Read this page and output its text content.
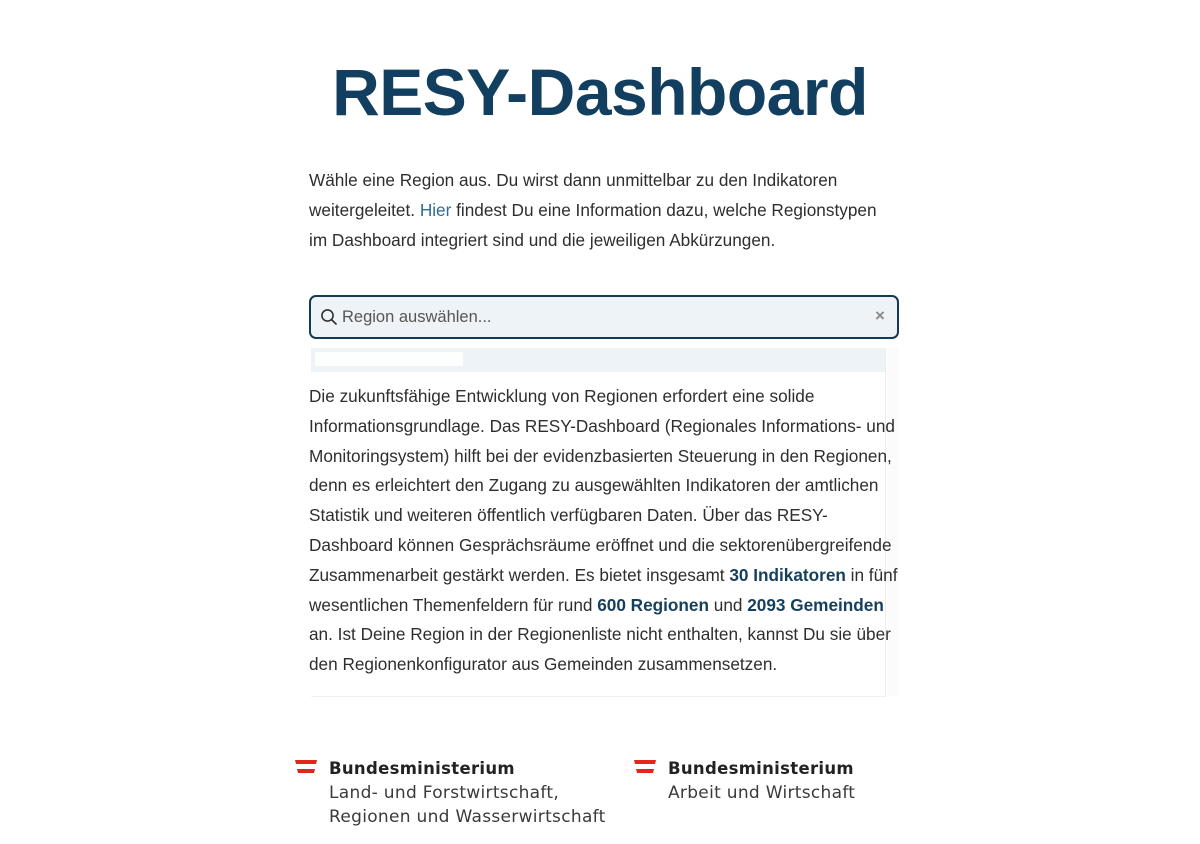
RESY-Dashboard

Wähle eine Region aus. Du wirst dann unmittelbar zu den Indikatoren weitergeleitet. Hier findest Du eine Information dazu, welche Regionstypen im Dashboard integriert sind und die jeweiligen Abkürzungen.

Region auswählen...
×

Die zukunftsfähige Entwicklung von Regionen erfordert eine solide Informationsgrundlage. Das RESY-Dashboard (Regionales Informations- und Monitoringsystem) hilft bei der evidenzbasierten Steuerung in den Regionen, denn es erleichtert den Zugang zu ausgewählten Indikatoren der amtlichen Statistik und weiteren öffentlich verfügbaren Daten. Über das RESY-Dashboard können Gesprächsräume eröffnet und die sektorenübergreifende Zusammenarbeit gestärkt werden. Es bietet insgesamt 30 Indikatoren in fünf wesentlichen Themenfeldern für rund 600 Regionen und 2093 Gemeinden an. Ist Deine Region in der Regionenliste nicht enthalten, kannst Du sie über den Regionenkonfigurator aus Gemeinden zusammensetzen.

Bundesministerium
Land- und Forstwirtschaft,
Regionen und Wasserwirtschaft
Bundesministerium
Arbeit und Wirtschaft
